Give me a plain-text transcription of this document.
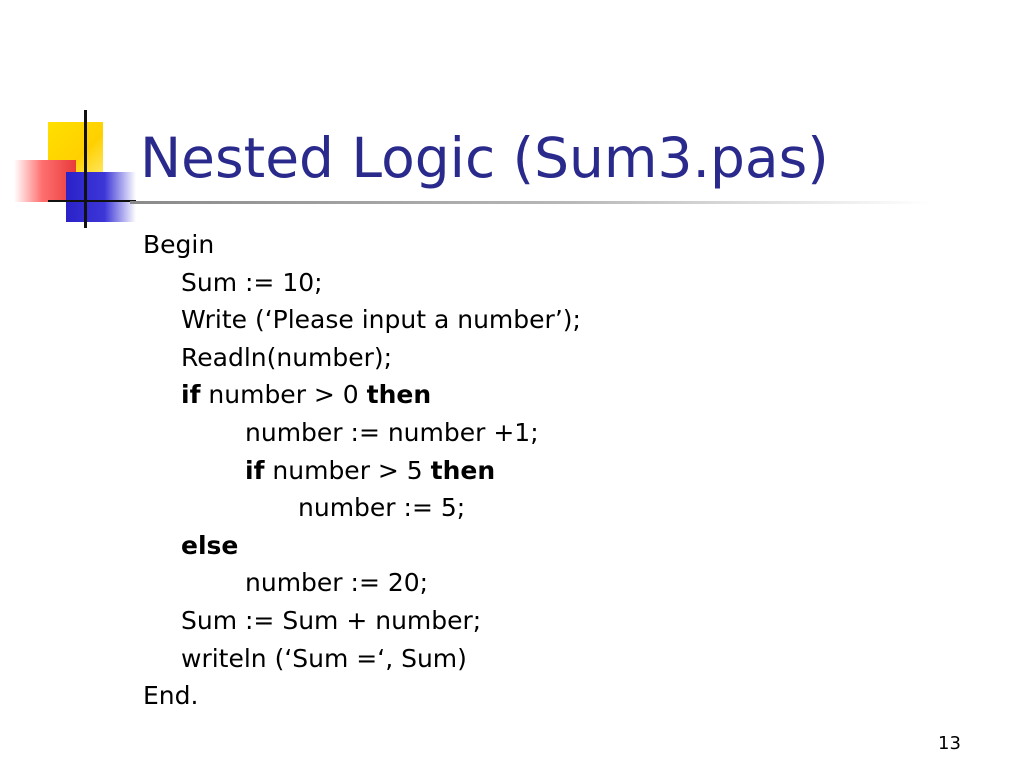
Nested Logic (Sum3.pas)
Begin
Sum := 10;
Write (‘Please input a number’);
Readln(number);
if number > 0 then
number := number +1;
if number > 5 then
number := 5;
else
number := 20;
Sum := Sum + number;
writeln (‘Sum =‘, Sum)
End.
13
